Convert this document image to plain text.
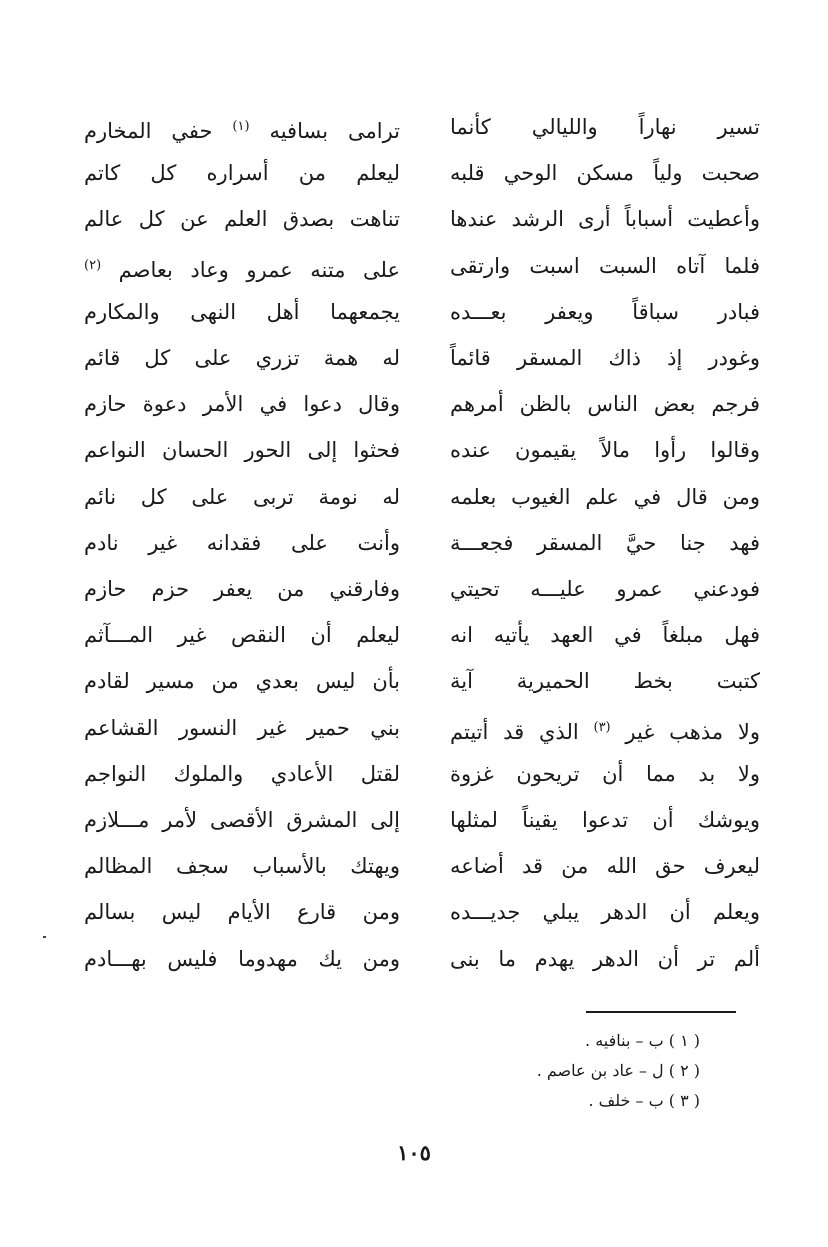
تسير نهاراً والليالي كأنما
ترامى بسافيه $^{(١)}$ حفي المخارم
صحبت ولياً مسكن الوحي قلبه
ليعلم من أسراره كل كاتم
وأعطيت أسباباً أرى الرشد عندها
تناهت بصدق العلم عن كل عالم
فلما آتاه السبت اسبت وارتقى
على متنه عمرو وعاد بعاصم $^{(٢)}$
فبادر سباقاً ويعفر بعـــده
يجمعهما أهل النهى والمكارم
وغودر إذ ذاك المسقر قائماً
له همة تزري على كل قائم
فرجم بعض الناس بالظن أمرهم
وقال دعوا في الأمر دعوة حازم
وقالوا رأوا مالاً يقيمون عنده
فحثوا إلى الحور الحسان النواعم
ومن قال في علم الغيوب بعلمه
له نومة تربى على كل نائم
فهد جنا حيَّ المسقر فجعـــة
وأنت على فقدانه غير نادم
فودعني عمرو عليـــه تحيتي
وفارقني من يعفر حزم حازم
فهل مبلغاً في العهد يأتيه انه
ليعلم أن النقص غير المـــآثم
كتبت بخط الحميرية آية
بأن ليس بعدي من مسير لقادم
ولا مذهب غير $^{(٣)}$ الذي قد أتيتم
بني حمير غير النسور القشاعم
ولا بد مما أن تريحون غزوة
لقتل الأعادي والملوك النواجم
ويوشك أن تدعوا يقيناً لمثلها
إلى المشرق الأقصى لأمر مـــلازم
ليعرف حق الله من قد أضاعه
ويهتك بالأسباب سجف المظالم
ويعلم أن الدهر يبلي جديـــده
ومن قارع الأيام ليس بسالم
ألم تر أن الدهر يهدم ما بنى
ومن يك مهدوما فليس بهـــادم
( ١ ) ب – بنافيه .
( ٢ ) ل – عاد بن عاصم .
( ٣ ) ب – خلف .
١٠٥
